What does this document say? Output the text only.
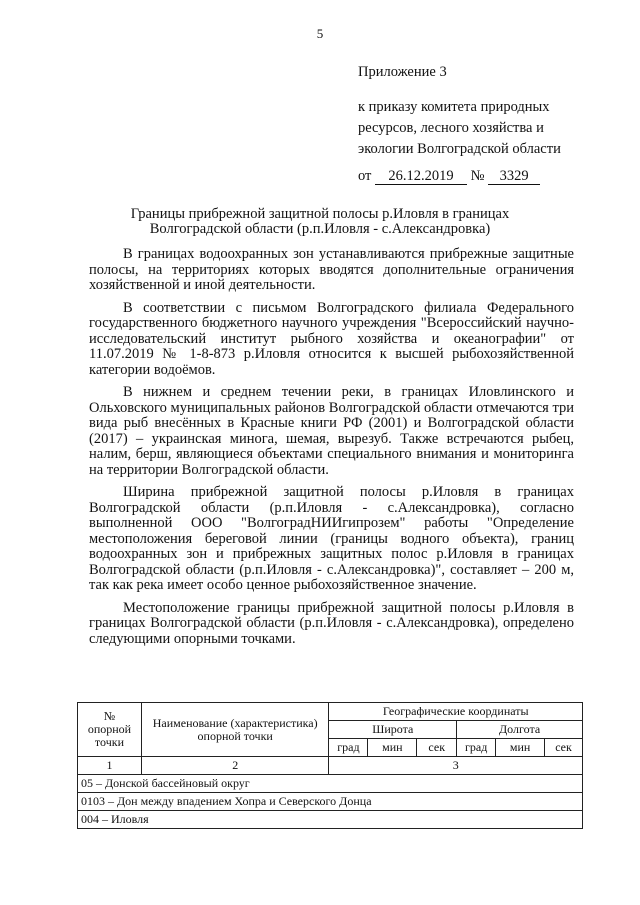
5
Приложение 3
к приказу комитета природных
ресурсов, лесного хозяйства и
экологии Волгоградской области
от 26.12.2019 № 3329
Границы прибрежной защитной полосы р.Иловля в границах
Волгоградской области (р.п.Иловля - с.Александровка)

В границах водоохранных зон устанавливаются прибрежные защитные полосы, на территориях которых вводятся дополнительные ограничения хозяйственной и иной деятельности.

В соответствии с письмом Волгоградского филиала Федерального государственного бюджетного научного учреждения "Всероссийский научно-исследовательский институт рыбного хозяйства и океанографии" от 11.07.2019 № 1-8-873 р.Иловля относится к высшей рыбохозяйственной категории водоёмов.

В нижнем и среднем течении реки, в границах Иловлинского и Ольховского муниципальных районов Волгоградской области отмечаются три вида рыб внесённых в Красные книги РФ (2001) и Волгоградской области (2017) – украинская минога, шемая, вырезуб. Также встречаются рыбец, налим, берш, являющиеся объектами специального внимания и мониторинга на территории Волгоградской области.

Ширина прибрежной защитной полосы р.Иловля в границах Волгоградской области (р.п.Иловля - с.Александровка), согласно выполненной ООО "ВолгоградНИИгипрозем" работы "Определение местоположения береговой линии (границы водного объекта), границ водоохранных зон и прибрежных защитных полос р.Иловля в границах Волгоградской области (р.п.Иловля - с.Александровка)", составляет – 200 м, так как река имеет особо ценное рыбохозяйственное значение.

Местоположение границы прибрежной защитной полосы р.Иловля в границах Волгоградской области (р.п.Иловля - с.Александровка), определено следующими опорными точками.

№ опорной точки	Наименование (характеристика) опорной точки	Географические координаты					
		Широта			Долгота		
		град	мин	сек	град	мин	сек
1	2	3					
05 – Донской бассейновый округ							
0103 – Дон между впадением Хопра и Северского Донца							
004 – Иловля							
